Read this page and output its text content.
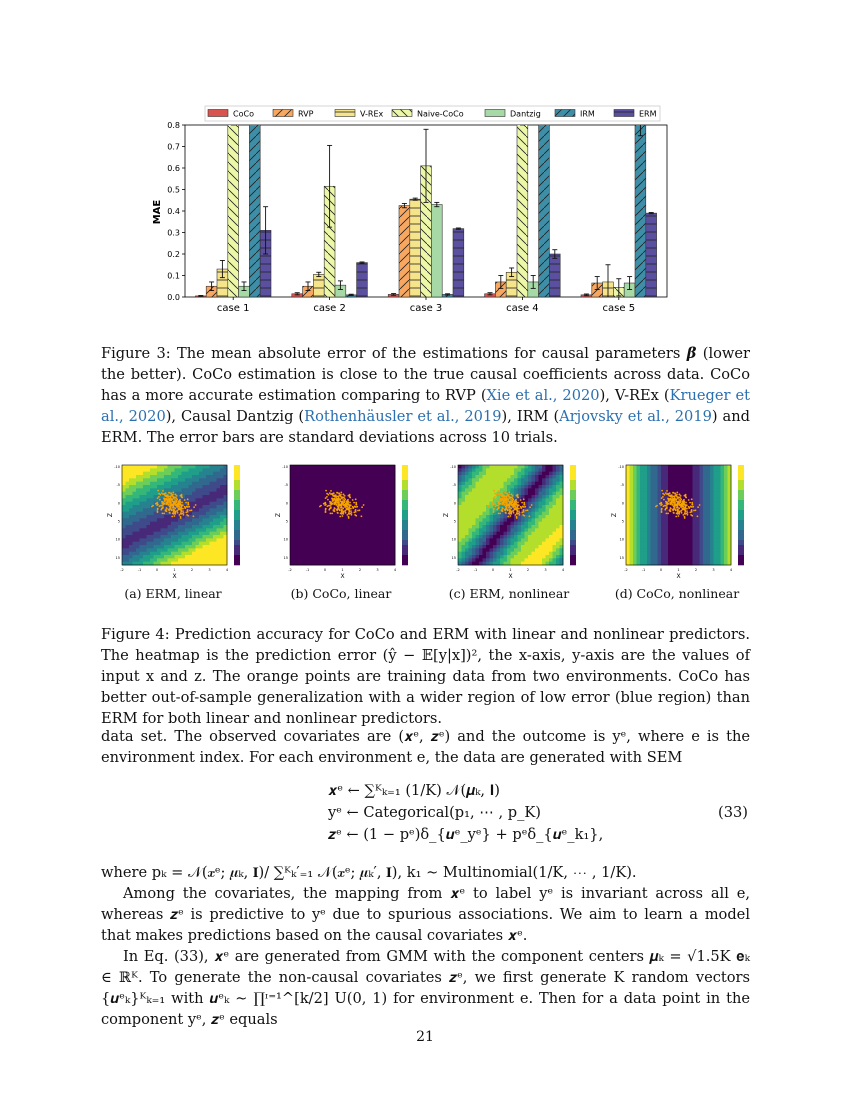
0.0
0.1
0.2
0.3
0.4
0.5
0.6
0.7
0.8
case 1	case 2	case 3	case 4	case 5
CoCo	RVP	V-REx	Naive-CoCo	Dantzig	IRM	ERM
MAE
Figure 3: The mean absolute error of the estimations for causal parameters β (lower the better). CoCo estimation is close to the true causal coefficients across data. CoCo has a more accurate estimation comparing to RVP (Xie et al., 2020), V-REx (Krueger et al., 2020), Causal Dantzig (Rothenhäusler et al., 2019), IRM (Arjovsky et al., 2019) and ERM. The error bars are standard deviations across 10 trials.
-2	-1	0	1	2	3	4
-10
-5
0
5
10
15
X
Z
(a) ERM, linear
-2	-1	0	1	2	3	4
-10
-5
0
5
10
15
X
Z
(b) CoCo, linear
-2	-1	0	1	2	3	4
-10
-5
0
5
10
15
X
Z
(c) ERM, nonlinear
-2	-1	0	1	2	3	4
-10
-5
0
5
10
15
X
Z
(d) CoCo, nonlinear
Figure 4: Prediction accuracy for CoCo and ERM with linear and nonlinear predictors. The heatmap is the prediction error (ŷ − 𝔼[y|x])², the x-axis, y-axis are the values of input x and z. The orange points are training data from two environments. CoCo has better out-of-sample generalization with a wider region of low error (blue region) than ERM for both linear and nonlinear predictors.

data set. The observed covariates are (𝒙ᵉ, 𝒛ᵉ) and the outcome is yᵉ, where e is the environment index. For each environment e, the data are generated with SEM

𝒙ᵉ ← ∑ᴷₖ₌₁ (1/K) 𝒩(𝝁ₖ, 𝐈)
yᵉ ← Categorical(p₁, ⋯ , p_K)
𝒛ᵉ ← (1 − pᵉ)δ_{𝒖ᵉ_yᵉ} + pᵉδ_{𝒖ᵉ_k₁},
(33)

where pₖ = 𝒩(𝒙ᵉ; 𝝁ₖ, 𝐈)/ ∑ᴷₖ′₌₁ 𝒩(𝒙ᵉ; 𝝁ₖ′, 𝐈), k₁ ∼ Multinomial(1/K, ⋯ , 1/K).

Among the covariates, the mapping from 𝒙ᵉ to label yᵉ is invariant across all e, whereas 𝒛ᵉ is predictive to yᵉ due to spurious associations. We aim to learn a model that makes predictions based on the causal covariates 𝒙ᵉ.

In Eq. (33), 𝒙ᵉ are generated from GMM with the component centers 𝝁ₖ = √1.5K 𝐞ₖ ∈ ℝᴷ. To generate the non-causal covariates 𝒛ᵉ, we first generate K random vectors {𝒖ᵉₖ}ᴷₖ₌₁ with 𝒖ᵉₖ ∼ ∏ᶦ⁼¹^[k/2] U(0, 1) for environment e. Then for a data point in the component yᵉ, 𝒛ᵉ equals

21
